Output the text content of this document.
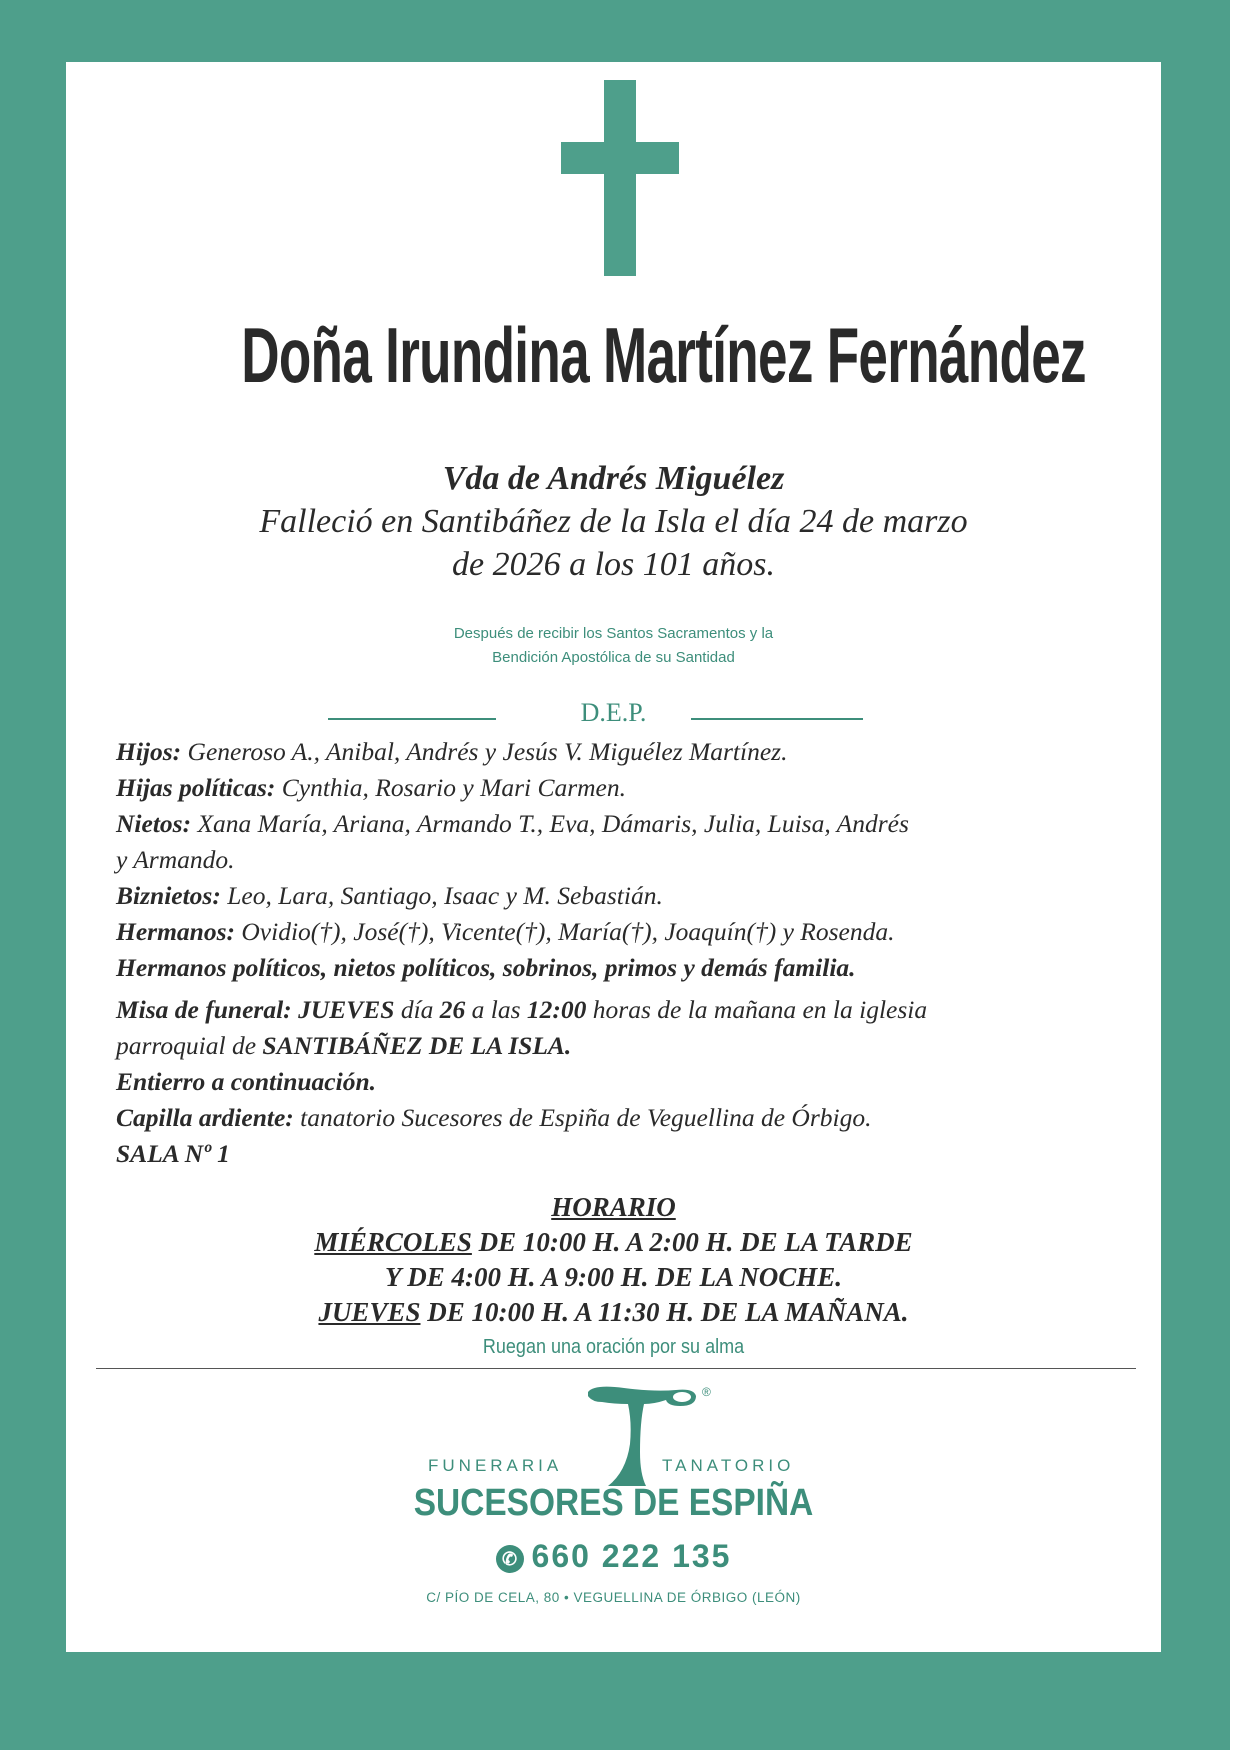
Doña Irundina Martínez Fernández
Vda de Andrés Miguélez
Falleció en Santibáñez de la Isla el día 24 de marzo
de 2026 a los 101 años.
Después de recibir los Santos Sacramentos y la
Bendición Apostólica de su Santidad
D.E.P.
Hijos: Generoso A., Anibal, Andrés y Jesús V. Miguélez Martínez.
Hijas políticas: Cynthia, Rosario y Mari Carmen.
Nietos: Xana María, Ariana, Armando T., Eva, Dámaris, Julia, Luisa, Andrés
y Armando.
Biznietos: Leo, Lara, Santiago, Isaac y M. Sebastián.
Hermanos: Ovidio(†), José(†), Vicente(†), María(†), Joaquín(†) y Rosenda.
Hermanos políticos, nietos políticos, sobrinos, primos y demás familia.
Misa de funeral: JUEVES día 26 a las 12:00 horas de la mañana en la iglesia
parroquial de SANTIBÁÑEZ DE LA ISLA.
Entierro a continuación.
Capilla ardiente: tanatorio Sucesores de Espiña de Veguellina de Órbigo.
SALA Nº 1
HORARIO
MIÉRCOLES DE 10:00 H. A 2:00 H. DE LA TARDE
Y DE 4:00 H. A 9:00 H. DE LA NOCHE.
JUEVES DE 10:00 H. A 11:30 H. DE LA MAÑANA.
Ruegan una oración por su alma
®
FUNERARIA	TANATORIO
SUCESORES DE ESPIÑA
✆ 660 222 135
C/ PÍO DE CELA, 80 • VEGUELLINA DE ÓRBIGO (LEÓN)
